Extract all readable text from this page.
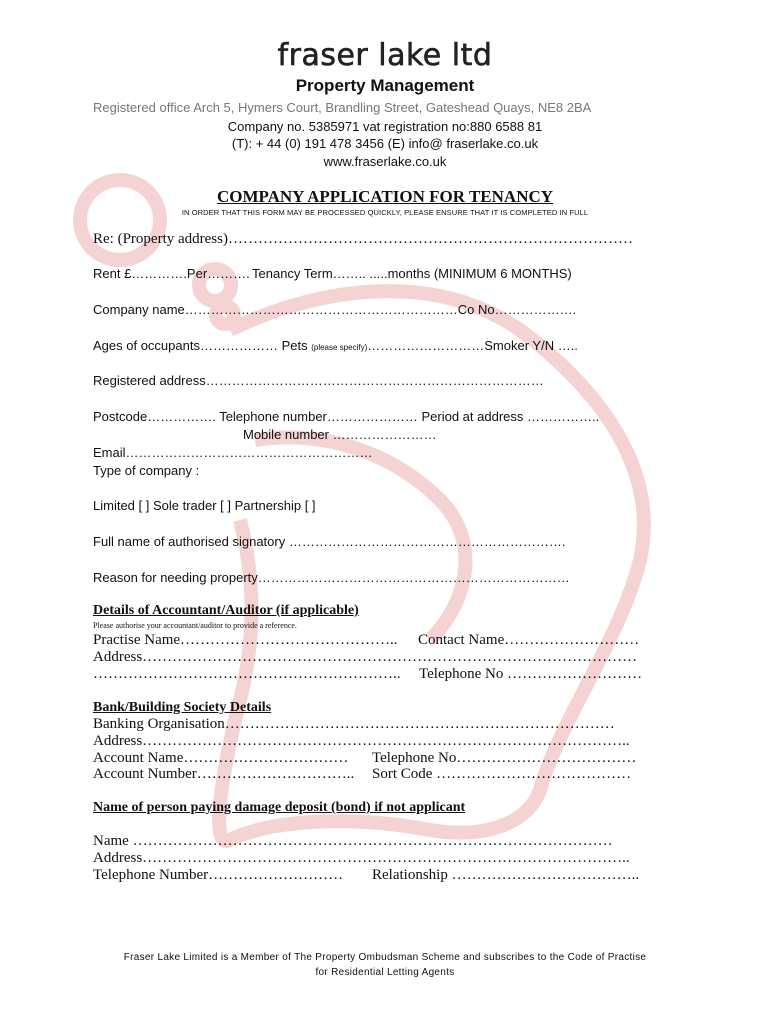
fraser lake ltd
Property Management
Registered office Arch 5, Hymers Court, Brandling Street, Gateshead Quays, NE8 2BA
Company no. 5385971 vat registration no:880 6588 81
(T): + 44 (0) 191 478 3456 (E) info@ fraserlake.co.uk
www.fraserlake.co.uk
COMPANY APPLICATION FOR TENANCY
IN ORDER THAT THIS FORM MAY BE PROCESSED QUICKLY, PLEASE ENSURE THAT IT IS COMPLETED IN FULL
Re: (Property address)………………………………………………………………………
Rent £………….Per………. Tenancy Term…….. .....months (MINIMUM 6 MONTHS)
Company name………………………………………………………Co No……………….
Ages of occupants……………… Pets (please specify)………………………Smoker Y/N …..
Registered address……………………………………………………………………
Postcode……………. Telephone number………………… Period at address ……………..
Mobile number ……………………
Email…………………………………………………
Type of company :
Limited [ ] Sole trader [ ] Partnership [ ]
Full name of authorised signatory ……………………………………………………….
Reason for needing property………………………………………………………………
Details of Accountant/Auditor (if applicable)
Please authorise your accountant/auditor to provide a reference.
Practise Name…………………………………….. Contact Name………………………
Address………………………………………………………………………………………
…………………………………………………….. Telephone No ………………………
Bank/Building Society Details
Banking Organisation……………………………………………………………………
Address……………………………………………………………………………………..
Account Name…………………………… Telephone No………………………………
Account Number………………………….. Sort Code …………………………………
Name of person paying damage deposit (bond) if not applicant
Name ……………………………………………………………………………………
Address……………………………………………………………………………………..
Telephone Number……………………… Relationship ………………………………..
Fraser Lake Limited is a Member of The Property Ombudsman Scheme and subscribes to the Code of Practise
for Residential Letting Agents
